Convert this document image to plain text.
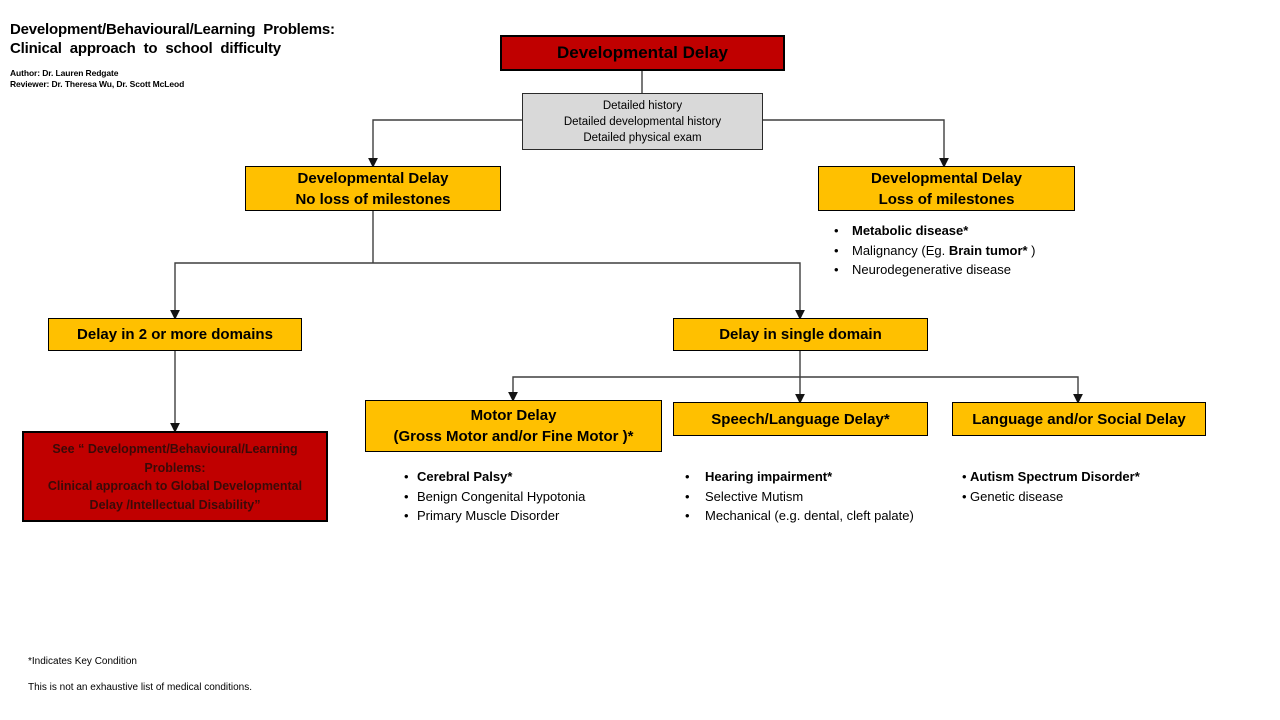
Development/Behavioural/Learning Problems:
Clinical approach to school difficulty
Author: Dr. Lauren Redgate
Reviewer: Dr. Theresa Wu, Dr. Scott McLeod
Developmental Delay
Detailed history
Detailed developmental history
Detailed physical exam
Developmental Delay
No loss of milestones
Developmental Delay
Loss of milestones
•	Metabolic disease*
•	Malignancy (Eg. Brain tumor* )
•	Neurodegenerative disease
Delay in 2 or more domains	Delay in single domain
See “ Development/Behavioural/Learning
Problems:
Clinical approach to Global Developmental
Delay /Intellectual Disability”
Motor Delay
(Gross Motor and/or Fine Motor )*
Speech/Language Delay*	Language and/or Social Delay
• Cerebral Palsy*
• Benign Congenital Hypotonia
• Primary Muscle Disorder
•	Hearing impairment*
•	Selective Mutism
•	Mechanical (e.g. dental, cleft palate)
• Autism Spectrum Disorder*
• Genetic disease
*Indicates Key Condition
This is not an exhaustive list of medical conditions.
